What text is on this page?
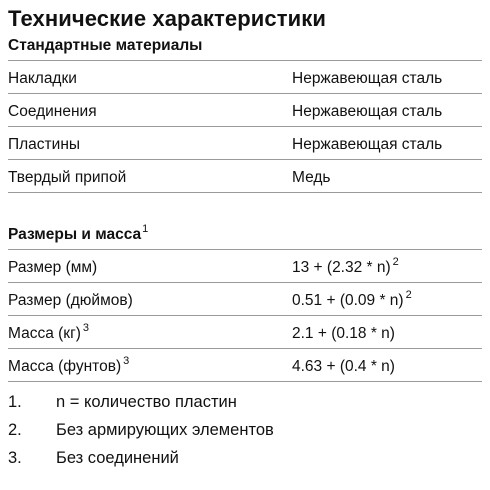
Технические характеристики
Стандартные материалы
Накладки	Нержавеющая сталь
Соединения	Нержавеющая сталь
Пластины	Нержавеющая сталь
Твердый припой	Медь
Размеры и масса$^1$
Размер (мм)	13 + (2.32 * n) $^2$
Размер (дюймов)	0.51 + (0.09 * n) $^2$
Масса (кг) $^3$	2.1 + (0.18 * n)
Масса (фунтов) $^3$	4.63 + (0.4 * n)
1.	n = количество пластин
2.	Без армирующих элементов
3.	Без соединений
